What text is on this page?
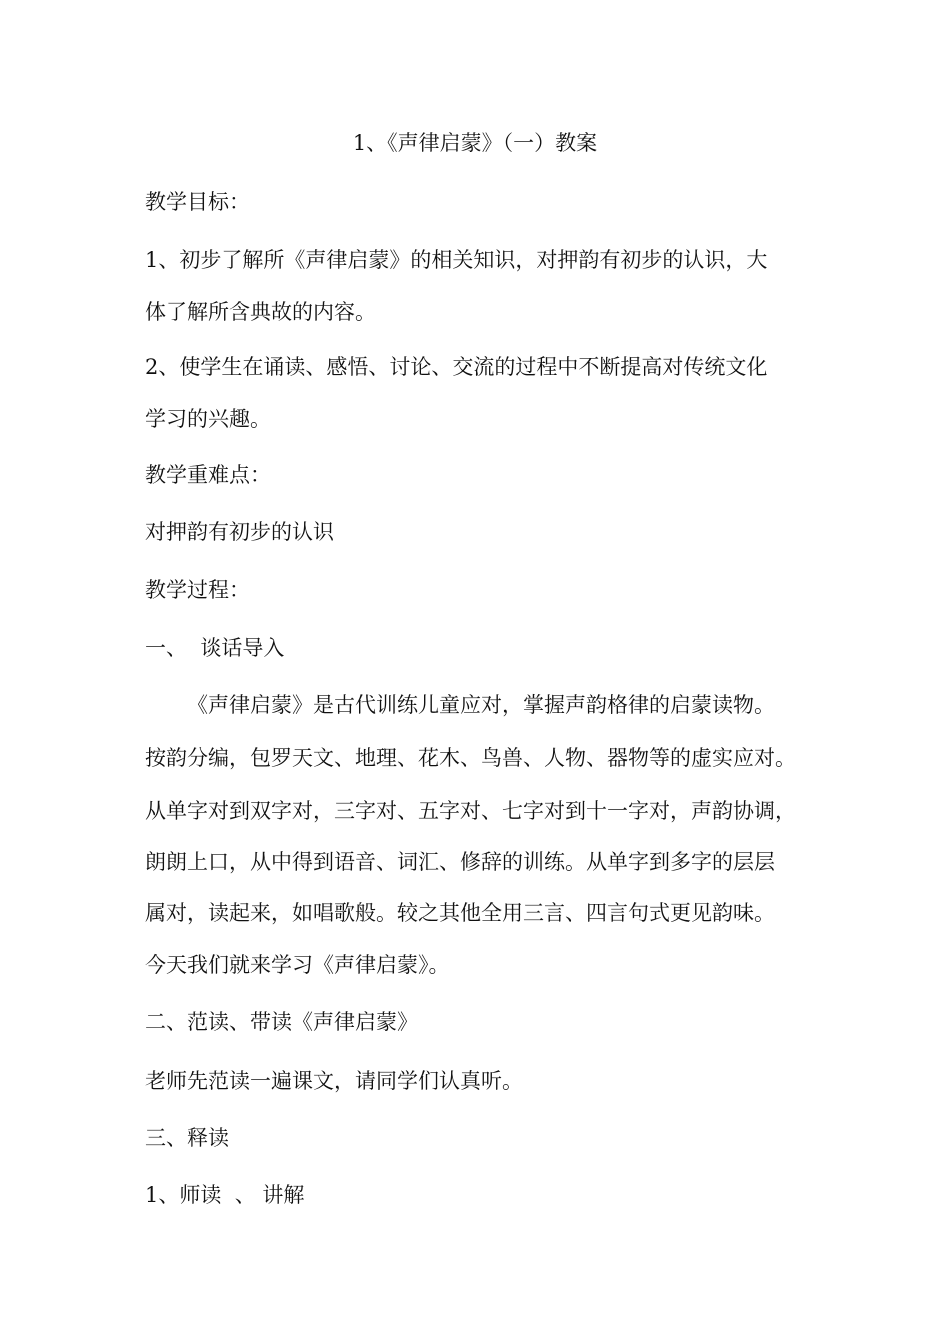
1、《声律启蒙》（一）教案
教学目标：
1、初步了解所《声律启蒙》的相关知识，对押韵有初步的认识，大
体了解所含典故的内容。
2、使学生在诵读、感悟、讨论、交流的过程中不断提高对传统文化
学习的兴趣。
教学重难点：
对押韵有初步的认识
教学过程：
一、  谈话导入
《声律启蒙》是古代训练儿童应对，掌握声韵格律的启蒙读物。
按韵分编，包罗天文、地理、花木、鸟兽、人物、器物等的虚实应对。
从单字对到双字对，三字对、五字对、七字对到十一字对，声韵协调，
朗朗上口，从中得到语音、词汇、修辞的训练。从单字到多字的层层
属对，读起来，如唱歌般。较之其他全用三言、四言句式更见韵味。
今天我们就来学习《声律启蒙》。
二、范读、带读《声律启蒙》
老师先范读一遍课文，请同学们认真听。
三、释读
1、师读  、 讲解
